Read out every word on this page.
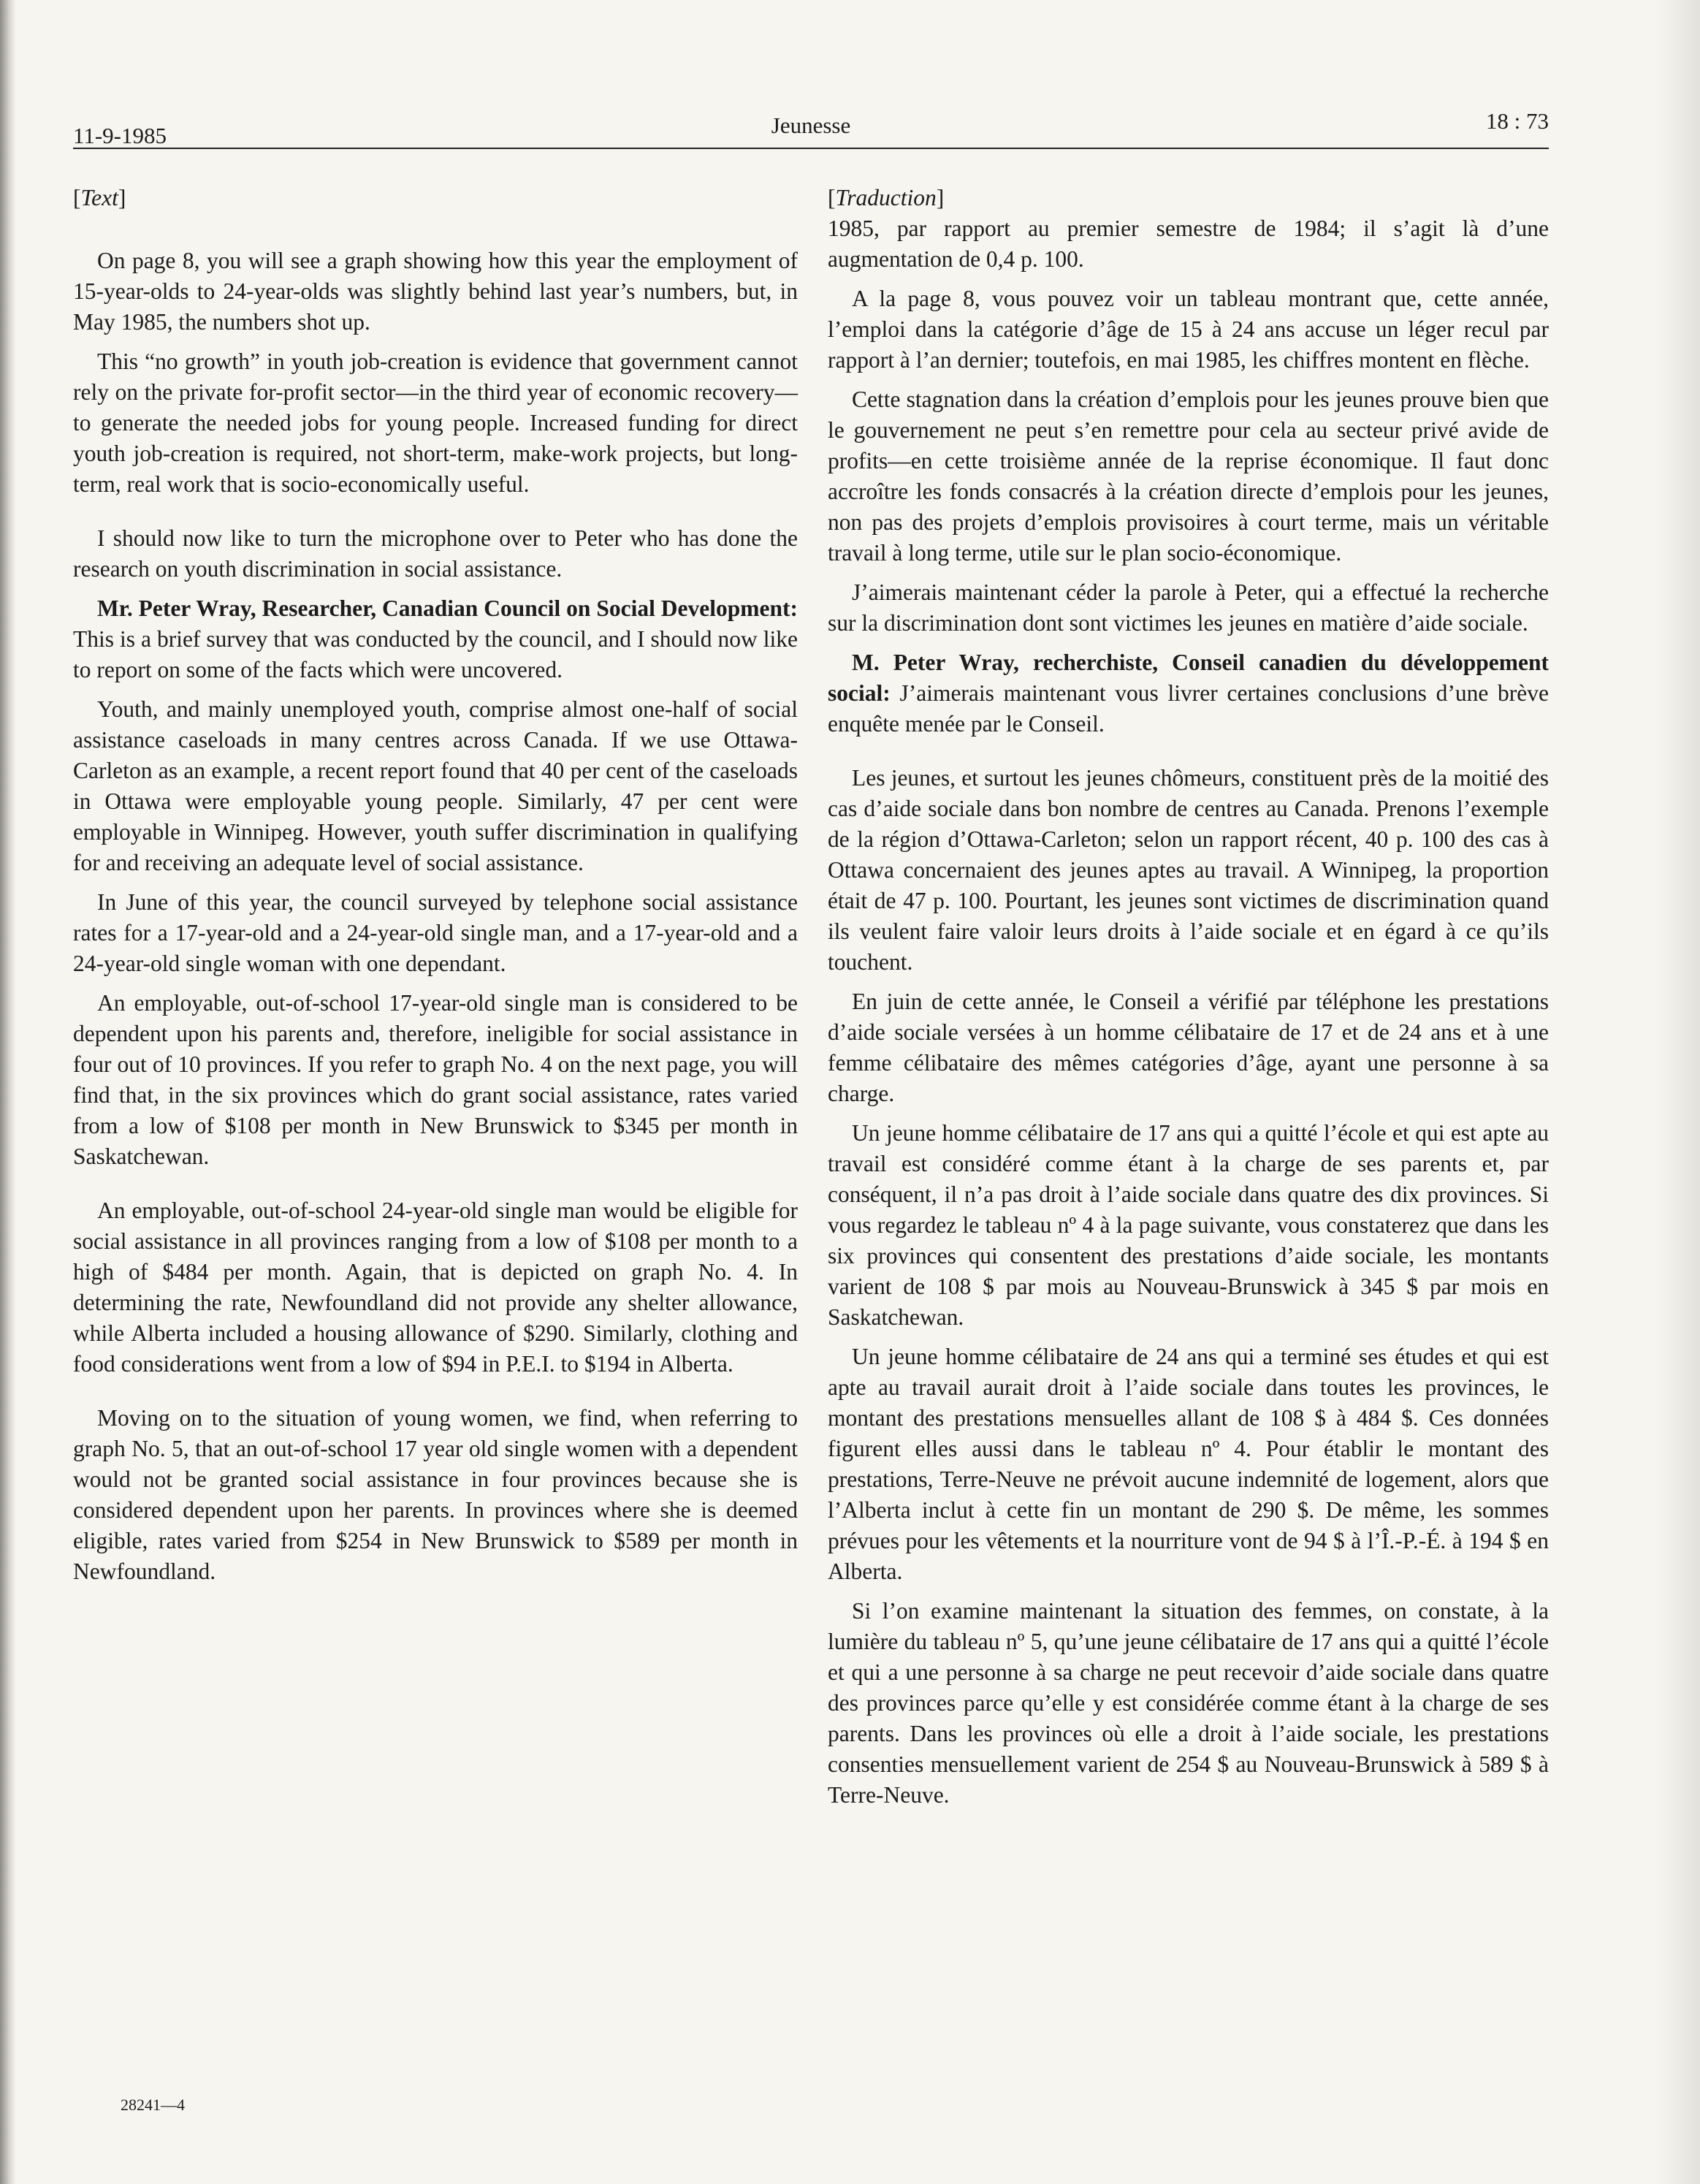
11-9-1985	Jeunesse	18 : 73

[Text]

On page 8, you will see a graph showing how this year the employment of 15-year-olds to 24-year-olds was slightly behind last year’s numbers, but, in May 1985, the numbers shot up.

This “no growth” in youth job-creation is evidence that government cannot rely on the private for-profit sector—in the third year of economic recovery—to generate the needed jobs for young people. Increased funding for direct youth job-creation is required, not short-term, make-work projects, but long-term, real work that is socio-economically useful.

I should now like to turn the microphone over to Peter who has done the research on youth discrimination in social assistance.

Mr. Peter Wray, Researcher, Canadian Council on Social Development: This is a brief survey that was conducted by the council, and I should now like to report on some of the facts which were uncovered.

Youth, and mainly unemployed youth, comprise almost one-half of social assistance caseloads in many centres across Canada. If we use Ottawa-Carleton as an example, a recent report found that 40 per cent of the caseloads in Ottawa were employable young people. Similarly, 47 per cent were employable in Winnipeg. However, youth suffer discrimination in qualifying for and receiving an adequate level of social assistance.

In June of this year, the council surveyed by telephone social assistance rates for a 17-year-old and a 24-year-old single man, and a 17-year-old and a 24-year-old single woman with one dependant.

An employable, out-of-school 17-year-old single man is considered to be dependent upon his parents and, therefore, ineligible for social assistance in four out of 10 provinces. If you refer to graph No. 4 on the next page, you will find that, in the six provinces which do grant social assistance, rates varied from a low of $108 per month in New Brunswick to $345 per month in Saskatchewan.

An employable, out-of-school 24-year-old single man would be eligible for social assistance in all provinces ranging from a low of $108 per month to a high of $484 per month. Again, that is depicted on graph No. 4. In determining the rate, Newfoundland did not provide any shelter allowance, while Alberta included a housing allowance of $290. Similarly, clothing and food considerations went from a low of $94 in P.E.I. to $194 in Alberta.

Moving on to the situation of young women, we find, when referring to graph No. 5, that an out-of-school 17 year old single women with a dependent would not be granted social assistance in four provinces because she is considered dependent upon her parents. In provinces where she is deemed eligible, rates varied from $254 in New Brunswick to $589 per month in Newfoundland.

[Traduction]

1985, par rapport au premier semestre de 1984; il s’agit là d’une augmentation de 0,4 p. 100.

A la page 8, vous pouvez voir un tableau montrant que, cette année, l’emploi dans la catégorie d’âge de 15 à 24 ans accuse un léger recul par rapport à l’an dernier; toutefois, en mai 1985, les chiffres montent en flèche.

Cette stagnation dans la création d’emplois pour les jeunes prouve bien que le gouvernement ne peut s’en remettre pour cela au secteur privé avide de profits—en cette troisième année de la reprise économique. Il faut donc accroître les fonds consacrés à la création directe d’emplois pour les jeunes, non pas des projets d’emplois provisoires à court terme, mais un véritable travail à long terme, utile sur le plan socio-économique.

J’aimerais maintenant céder la parole à Peter, qui a effectué la recherche sur la discrimination dont sont victimes les jeunes en matière d’aide sociale.

M. Peter Wray, recherchiste, Conseil canadien du développement social: J’aimerais maintenant vous livrer certaines conclusions d’une brève enquête menée par le Conseil.

Les jeunes, et surtout les jeunes chômeurs, constituent près de la moitié des cas d’aide sociale dans bon nombre de centres au Canada. Prenons l’exemple de la région d’Ottawa-Carleton; selon un rapport récent, 40 p. 100 des cas à Ottawa concernaient des jeunes aptes au travail. A Winnipeg, la proportion était de 47 p. 100. Pourtant, les jeunes sont victimes de discrimination quand ils veulent faire valoir leurs droits à l’aide sociale et en égard à ce qu’ils touchent.

En juin de cette année, le Conseil a vérifié par téléphone les prestations d’aide sociale versées à un homme célibataire de 17 et de 24 ans et à une femme célibataire des mêmes catégories d’âge, ayant une personne à sa charge.

Un jeune homme célibataire de 17 ans qui a quitté l’école et qui est apte au travail est considéré comme étant à la charge de ses parents et, par conséquent, il n’a pas droit à l’aide sociale dans quatre des dix provinces. Si vous regardez le tableau nº 4 à la page suivante, vous constaterez que dans les six provinces qui consentent des prestations d’aide sociale, les montants varient de 108 $ par mois au Nouveau-Brunswick à 345 $ par mois en Saskatchewan.

Un jeune homme célibataire de 24 ans qui a terminé ses études et qui est apte au travail aurait droit à l’aide sociale dans toutes les provinces, le montant des prestations mensuelles allant de 108 $ à 484 $. Ces données figurent elles aussi dans le tableau nº 4. Pour établir le montant des prestations, Terre-Neuve ne prévoit aucune indemnité de logement, alors que l’Alberta inclut à cette fin un montant de 290 $. De même, les sommes prévues pour les vêtements et la nourriture vont de 94 $ à l’Î.-P.-É. à 194 $ en Alberta.

Si l’on examine maintenant la situation des femmes, on constate, à la lumière du tableau nº 5, qu’une jeune célibataire de 17 ans qui a quitté l’école et qui a une personne à sa charge ne peut recevoir d’aide sociale dans quatre des provinces parce qu’elle y est considérée comme étant à la charge de ses parents. Dans les provinces où elle a droit à l’aide sociale, les prestations consenties mensuellement varient de 254 $ au Nouveau-Brunswick à 589 $ à Terre-Neuve.

28241—4
